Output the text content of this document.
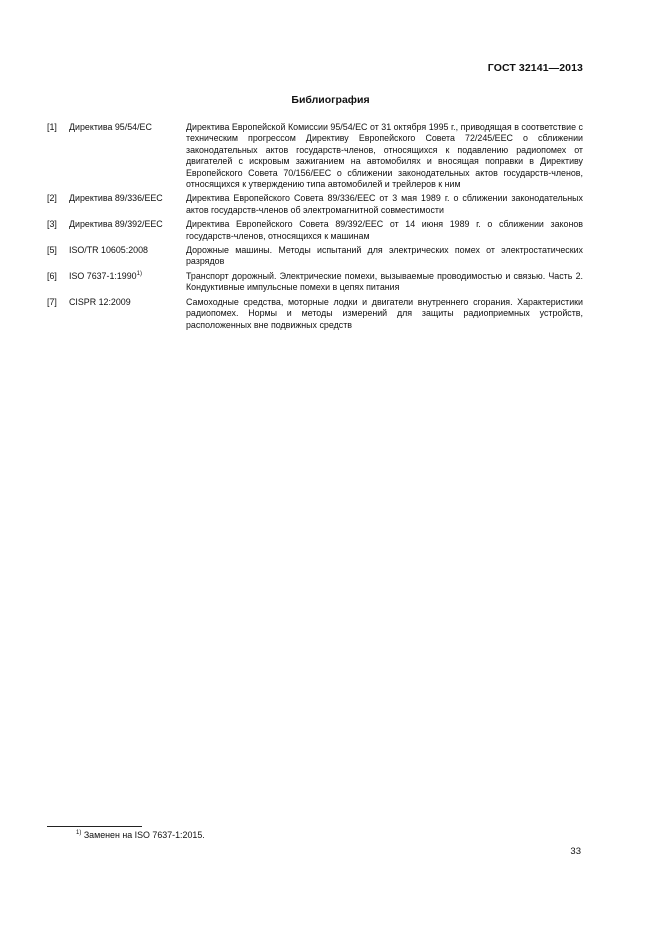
ГОСТ 32141—2013
Библиография
[1]	Директива 95/54/ЕС	Директива Европейской Комиссии 95/54/ЕС от 31 октября 1995 г., приводящая в соответствие с техническим прогрессом Директиву Европейского Совета 72/245/ЕЕС о сближении законодательных актов государств-членов, относящихся к подавлению радиопомех от двигателей с искровым зажиганием на автомобилях и вносящая поправки в Директиву Европейского Совета 70/156/ЕЕС о сближении законодательных актов государств-членов, относящихся к утверждению типа автомобилей и трейлеров к ним
[2]	Директива 89/336/ЕЕС	Директива Европейского Совета 89/336/ЕЕС от 3 мая 1989 г. о сближении законодательных актов государств-членов об электромагнитной совместимости
[3]	Директива 89/392/ЕЕС	Директива Европейского Совета 89/392/ЕЕС от 14 июня 1989 г. о сближении законов государств-членов, относящихся к машинам
[5]	ISO/TR 10605:2008	Дорожные машины. Методы испытаний для электрических помех от электростатических разрядов
[6]	ISO 7637-1:1990$^{1)}$	Транспорт дорожный. Электрические помехи, вызываемые проводимостью и связью. Часть 2. Кондуктивные импульсные помехи в цепях питания
[7]	CISPR 12:2009	Самоходные средства, моторные лодки и двигатели внутреннего сгорания. Характеристики радиопомех. Нормы и методы измерений для защиты радиоприемных устройств, расположенных вне подвижных средств
$^{1)}$ Заменен на ISO 7637-1:2015.
33
